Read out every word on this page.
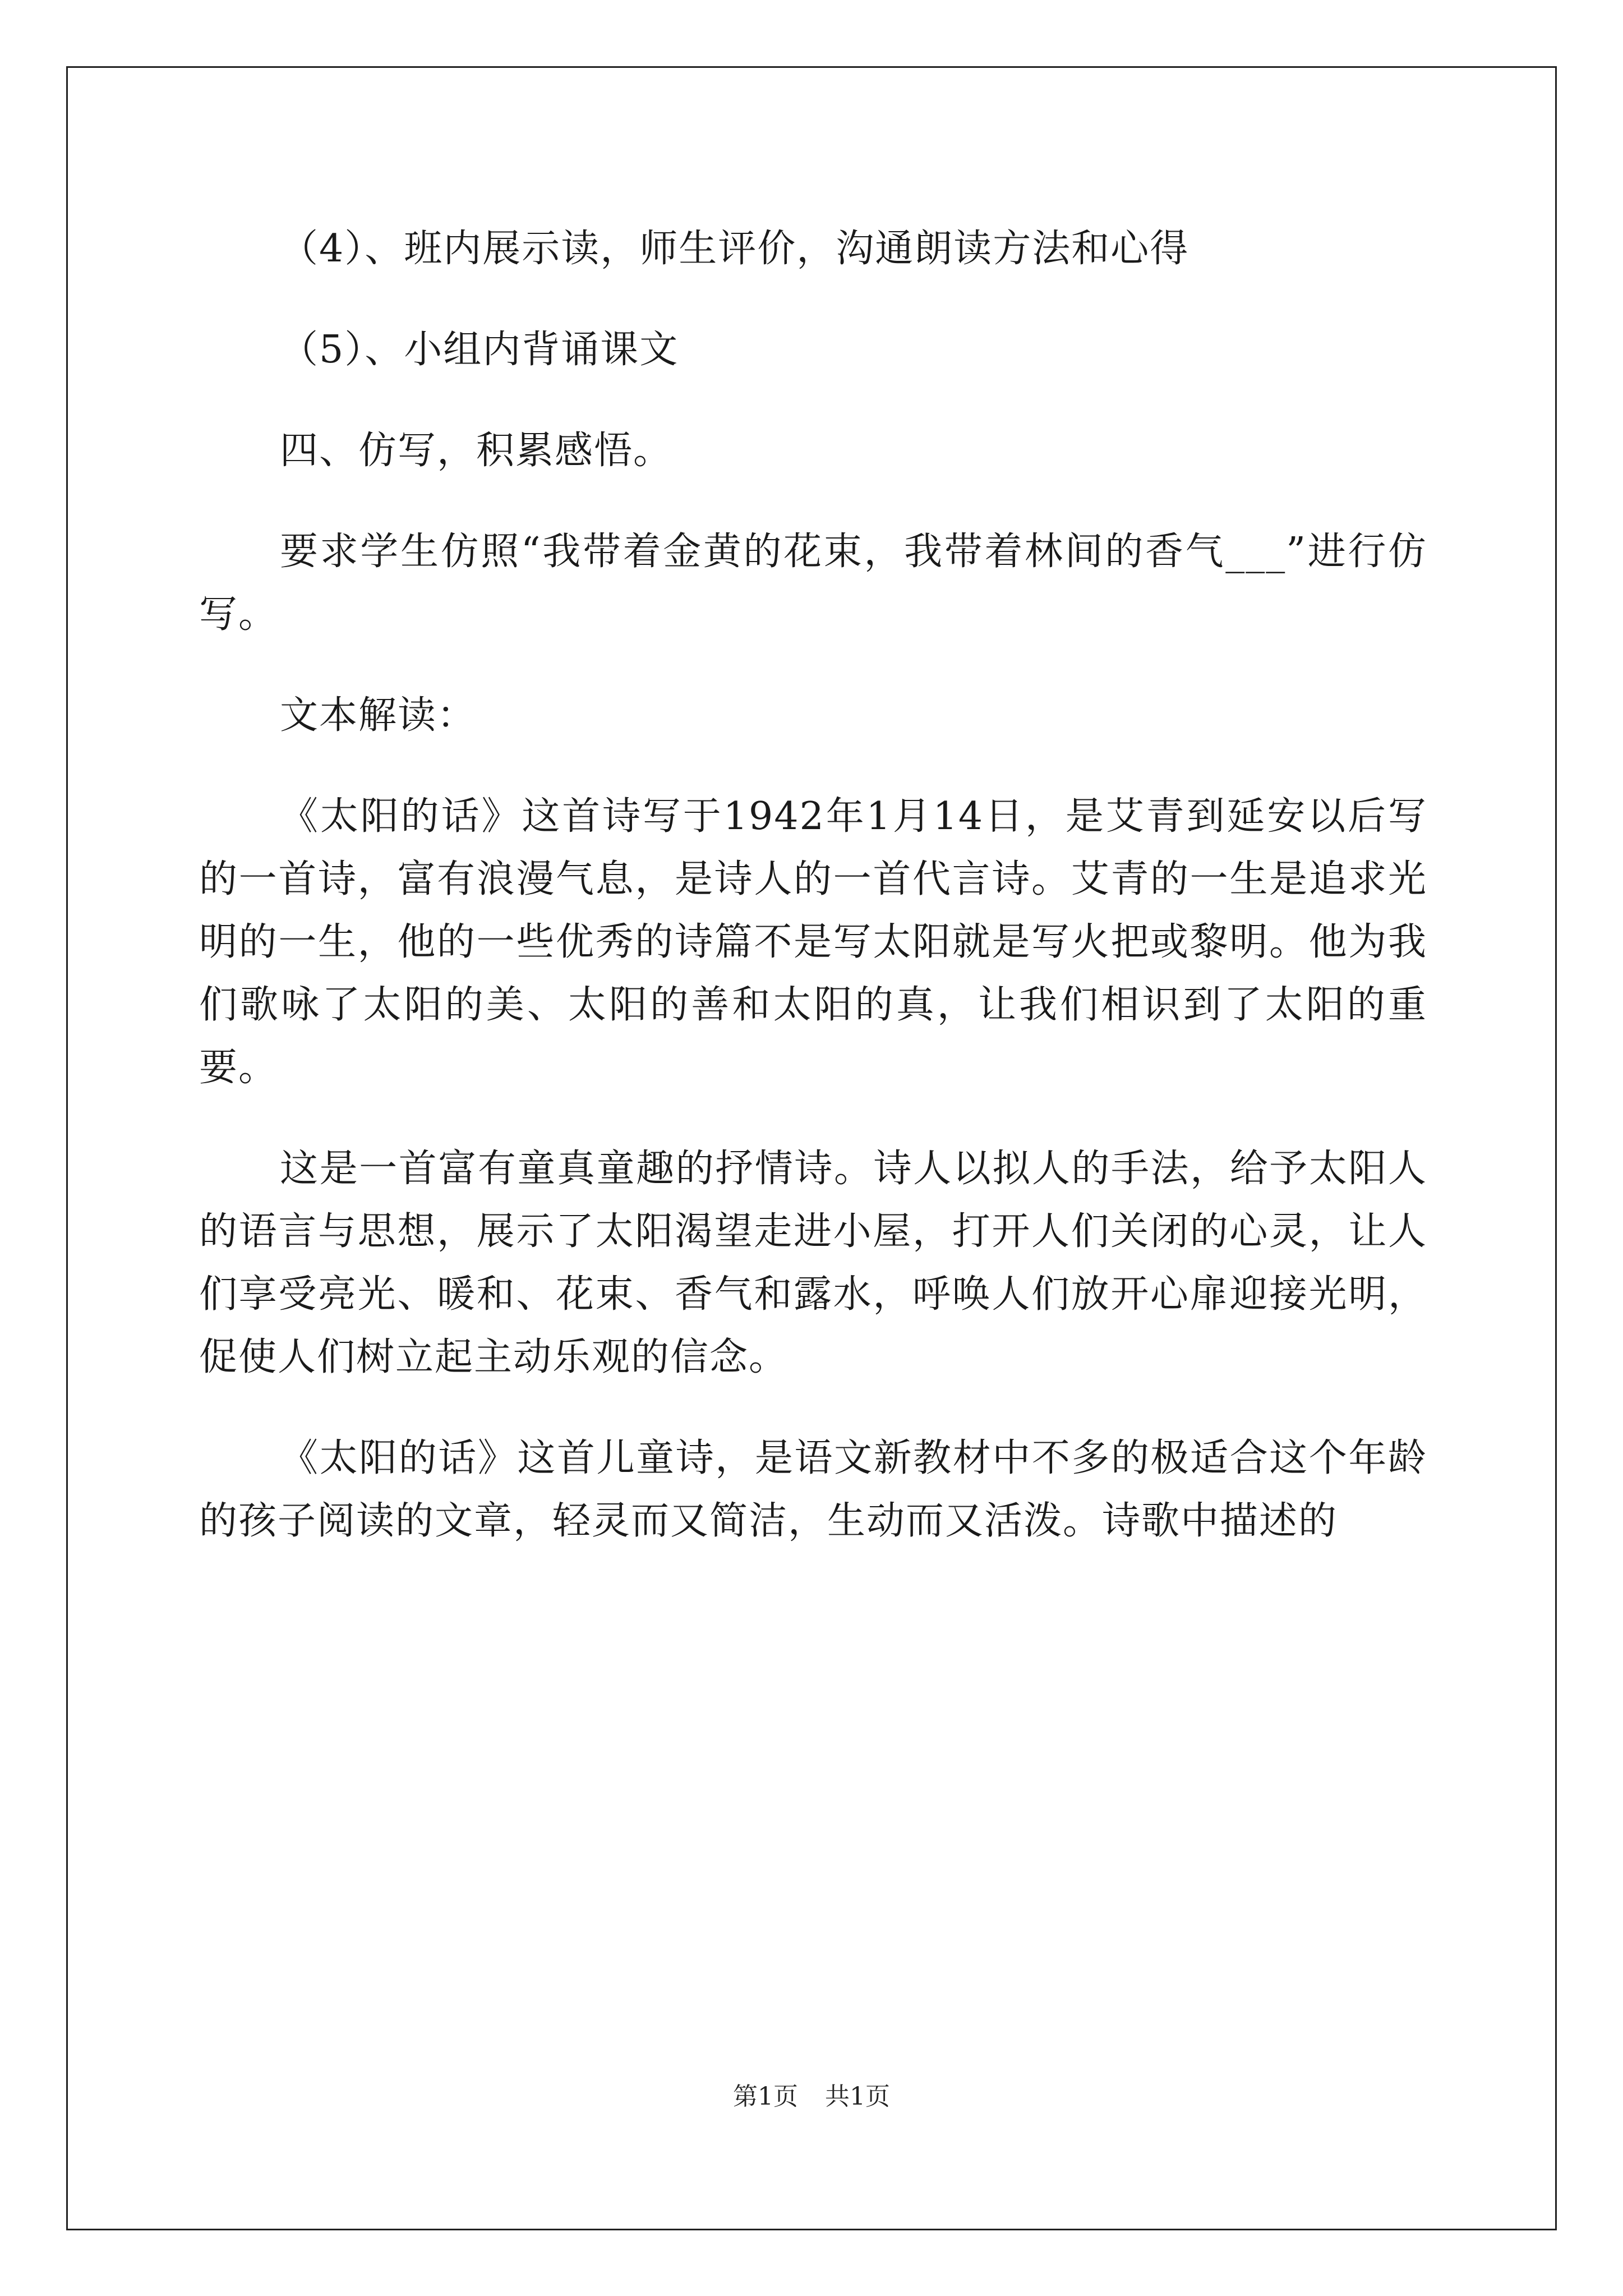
（4）、班内展示读，师生评价，沟通朗读方法和心得

（5）、小组内背诵课文

四、仿写，积累感悟。

要求学生仿照“我带着金黄的花束，我带着林间的香气___”进行仿写。

文本解读：

《太阳的话》这首诗写于1942年1月14日，是艾青到延安以后写的一首诗，富有浪漫气息，是诗人的一首代言诗。艾青的一生是追求光明的一生，他的一些优秀的诗篇不是写太阳就是写火把或黎明。他为我们歌咏了太阳的美、太阳的善和太阳的真，让我们相识到了太阳的重要。

这是一首富有童真童趣的抒情诗。诗人以拟人的手法，给予太阳人的语言与思想，展示了太阳渴望走进小屋，打开人们关闭的心灵，让人们享受亮光、暖和、花束、香气和露水，呼唤人们放开心扉迎接光明，促使人们树立起主动乐观的信念。

《太阳的话》这首儿童诗，是语文新教材中不多的极适合这个年龄的孩子阅读的文章，轻灵而又简洁，生动而又活泼。诗歌中描述的

第1页 共1页
